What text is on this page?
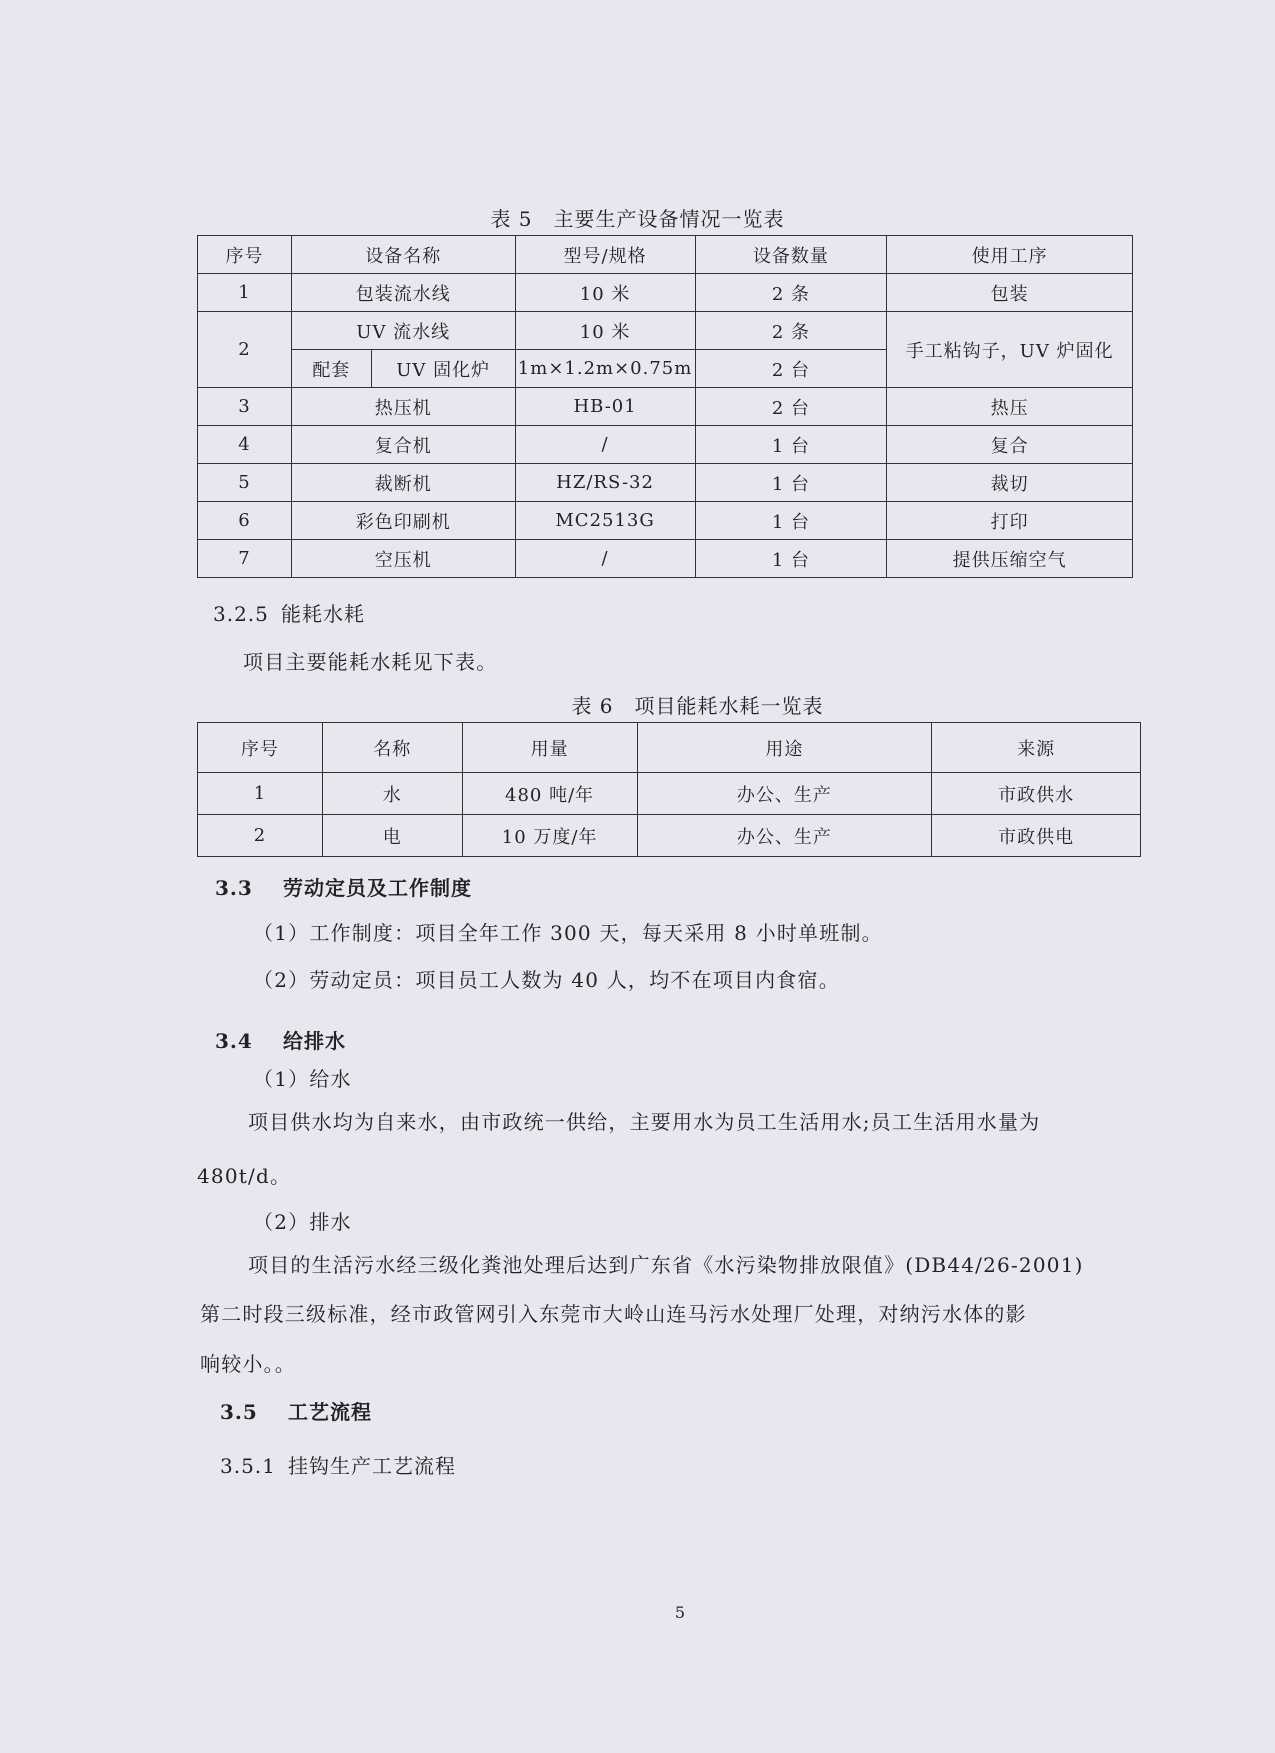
表 5　主要生产设备情况一览表
序号	设备名称		型号/规格	设备数量	使用工序
1	包装流水线		10 米	2 条	包装
2	UV 流水线		10 米	2 条	手工粘钩子，UV 炉固化
	配套	UV 固化炉	1m×1.2m×0.75m	2 台	
3	热压机		HB-01	2 台	热压
4	复合机		/	1 台	复合
5	裁断机		HZ/RS-32	1 台	裁切
6	彩色印刷机		MC2513G	1 台	打印
7	空压机		/	1 台	提供压缩空气
3.2.5 能耗水耗
项目主要能耗水耗见下表。
表 6　项目能耗水耗一览表
序号	名称	用量	用途	来源
1	水	480 吨/年	办公、生产	市政供水
2	电	10 万度/年	办公、生产	市政供电
3.3 劳动定员及工作制度
（1）工作制度：项目全年工作 300 天，每天采用 8 小时单班制。
（2）劳动定员：项目员工人数为 40 人，均不在项目内食宿。
3.4 给排水
（1）给水
项目供水均为自来水，由市政统一供给，主要用水为员工生活用水;员工生活用水量为
480t/d。
（2）排水
项目的生活污水经三级化粪池处理后达到广东省《水污染物排放限值》(DB44/26-2001)
第二时段三级标准，经市政管网引入东莞市大岭山连马污水处理厂处理，对纳污水体的影
响较小。。
3.5 工艺流程
3.5.1 挂钩生产工艺流程
5
